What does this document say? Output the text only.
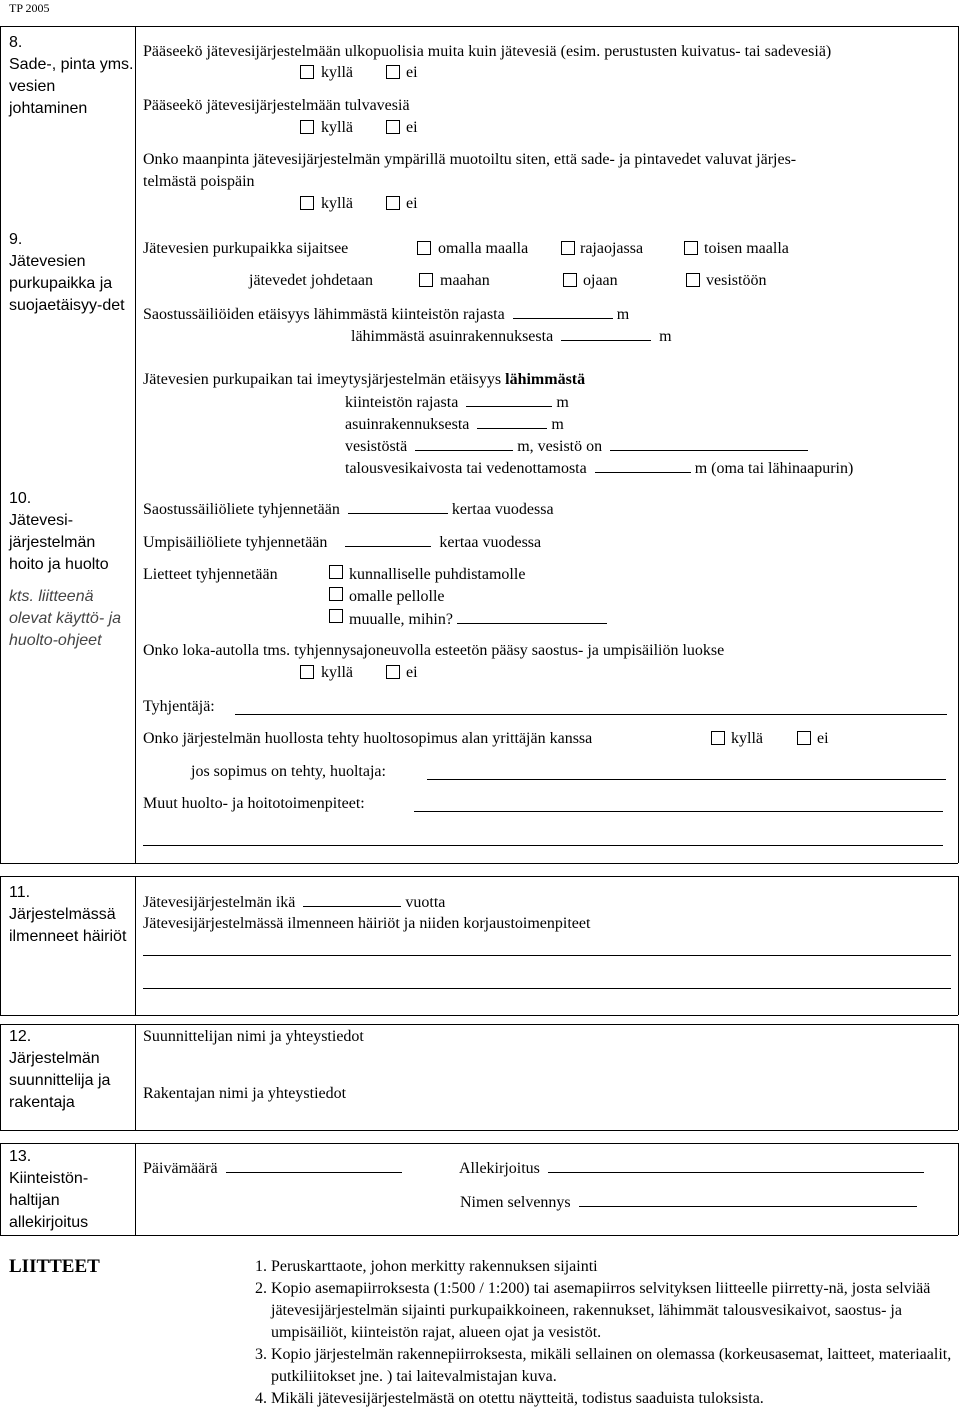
TP 2005
8.
Sade-, pinta yms. vesien johtaminen
9.
Jätevesien purkupaikka ja suojaetäisyy-det
10.
Jätevesi-järjestelmän hoito ja huolto
kts. liitteenä olevat käyttö- ja huolto-ohjeet
11.
Järjestelmässä ilmenneet häiriöt
12.
Järjestelmän suunnittelija ja rakentaja
13.
Kiinteistön-haltijan allekirjoitus
Pääseekö jätevesijärjestelmään ulkopuolisia muita kuin jätevesiä (esim. perustusten kuivatus- tai sadevesiä)
kyllä	ei
Pääseekö jätevesijärjestelmään tulvavesiä
kyllä	ei
Onko maanpinta jätevesijärjestelmän ympärillä muotoiltu siten, että sade- ja pintavedet valuvat järjes-
telmästä poispäin
kyllä	ei
Jätevesien purkupaikka sijaitsee	omalla maalla	rajaojassa	toisen maalla
jätevedet johdetaan	maahan	ojaan	vesistöön
Saostussäiliöiden etäisyys lähimmästä kiinteistön rajasta	m
lähimmästä asuinrakennuksesta	m
Jätevesien purkupaikan tai imeytysjärjestelmän etäisyys lähimmästä
kiinteistön rajasta	m
asuinrakennuksesta	m
vesistöstä	m, vesistö on
talousvesikaivosta tai vedenottamosta	m (oma tai lähinaapurin)
Saostussäiliöliete tyhjennetään	kertaa vuodessa
Umpisäiliöliete tyhjennetään	kertaa vuodessa
Lietteet tyhjennetään	kunnalliselle puhdistamolle
omalle pellolle
muualle, mihin?
Onko loka-autolla tms. tyhjennysajoneuvolla esteetön pääsy saostus- ja umpisäiliön luokse
kyllä	ei
Tyhjentäjä:
Onko järjestelmän huollosta tehty huoltosopimus alan yrittäjän kanssa	kyllä	ei
jos sopimus on tehty, huoltaja:
Muut huolto- ja hoitotoimenpiteet:
Jätevesijärjestelmän ikä	vuotta
Jätevesijärjestelmässä ilmenneen häiriöt ja niiden korjaustoimenpiteet
Suunnittelijan nimi ja yhteystiedot
Rakentajan nimi ja yhteystiedot
Päivämäärä	Allekirjoitus
Nimen selvennys
LIITTEET
1.	Peruskarttaote, johon merkitty rakennuksen sijainti
2. Kopio asemapiirroksesta (1:500 / 1:200) tai asemapiirros selvityksen liitteelle piirretty-nä, josta selviää jätevesijärjestelmän sijainti purkupaikkoineen, rakennukset, lähimmät talousvesikaivot, saostus- ja umpisäiliöt, kiinteistön rajat, alueen ojat ja vesistöt.
3. Kopio järjestelmän rakennepiirroksesta, mikäli sellainen on olemassa (korkeusasemat, laitteet, materiaalit, putkiliitokset jne. ) tai laitevalmistajan kuva.
4. Mikäli jätevesijärjestelmästä on otettu näytteitä, todistus saaduista tuloksista.
